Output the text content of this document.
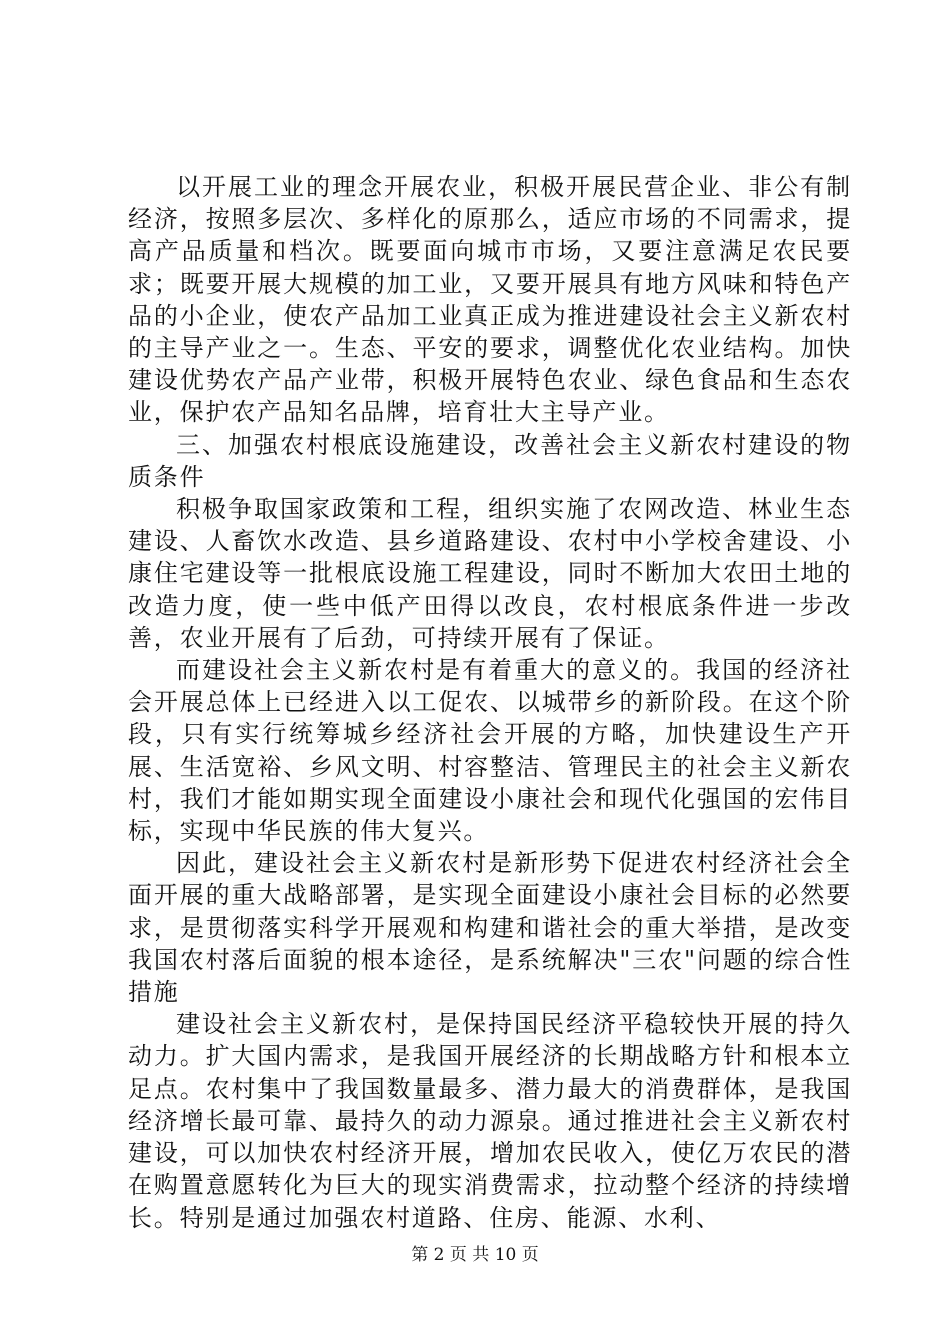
以开展工业的理念开展农业，积极开展民营企业、非公有制经济，按照多层次、多样化的原那么，适应市场的不同需求，提高产品质量和档次。既要面向城市市场，又要注意满足农民要求；既要开展大规模的加工业，又要开展具有地方风味和特色产品的小企业，使农产品加工业真正成为推进建设社会主义新农村的主导产业之一。生态、平安的要求，调整优化农业结构。加快建设优势农产品产业带，积极开展特色农业、绿色食品和生态农业，保护农产品知名品牌，培育壮大主导产业。

三、加强农村根底设施建设，改善社会主义新农村建设的物质条件

积极争取国家政策和工程，组织实施了农网改造、林业生态建设、人畜饮水改造、县乡道路建设、农村中小学校舍建设、小康住宅建设等一批根底设施工程建设，同时不断加大农田土地的改造力度，使一些中低产田得以改良，农村根底条件进一步改善，农业开展有了后劲，可持续开展有了保证。

而建设社会主义新农村是有着重大的意义的。我国的经济社会开展总体上已经进入以工促农、以城带乡的新阶段。在这个阶段，只有实行统筹城乡经济社会开展的方略，加快建设生产开展、生活宽裕、乡风文明、村容整洁、管理民主的社会主义新农村，我们才能如期实现全面建设小康社会和现代化强国的宏伟目标，实现中华民族的伟大复兴。

因此，建设社会主义新农村是新形势下促进农村经济社会全面开展的重大战略部署，是实现全面建设小康社会目标的必然要求，是贯彻落实科学开展观和构建和谐社会的重大举措，是改变我国农村落后面貌的根本途径，是系统解决"三农"问题的综合性措施

建设社会主义新农村，是保持国民经济平稳较快开展的持久动力。扩大国内需求，是我国开展经济的长期战略方针和根本立足点。农村集中了我国数量最多、潜力最大的消费群体，是我国经济增长最可靠、最持久的动力源泉。通过推进社会主义新农村建设，可以加快农村经济开展，增加农民收入，使亿万农民的潜在购置意愿转化为巨大的现实消费需求，拉动整个经济的持续增长。特别是通过加强农村道路、住房、能源、水利、

第 2 页 共 10 页
